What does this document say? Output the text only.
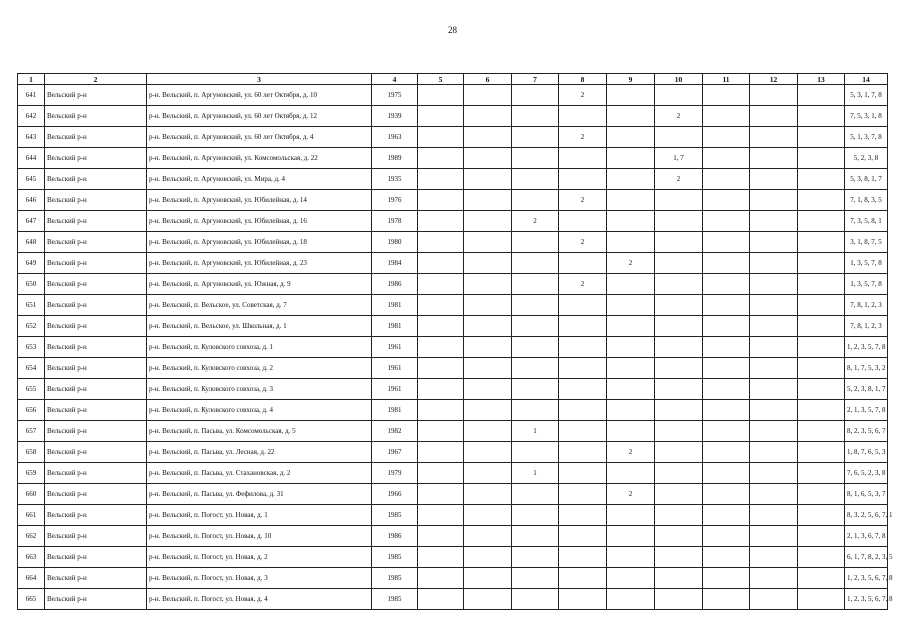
28
1	2	3	4	5	6	7	8	9	10	11	12	13	14
641	Вельский р-н	р-н. Вельский, п. Аргуновский, ул. 60 лет Октября, д. 10	1975				2						5, 3, 1, 7, 8
642	Вельский р-н	р-н. Вельский, п. Аргуновский, ул. 60 лет Октября, д. 12	1939						2				7, 5, 3, 1, 8
643	Вельский р-н	р-н. Вельский, п. Аргуновский, ул. 60 лет Октября, д. 4	1963				2						5, 1, 3, 7, 8
644	Вельский р-н	р-н. Вельский, п. Аргуновский, ул. Комсомольская, д. 22	1989						1, 7				5, 2, 3, 8
645	Вельский р-н	р-н. Вельский, п. Аргуновский, ул. Мира, д. 4	1935						2				5, 3, 8, 1, 7
646	Вельский р-н	р-н. Вельский, п. Аргуновский, ул. Юбилейная, д. 14	1976				2						7, 1, 8, 3, 5
647	Вельский р-н	р-н. Вельский, п. Аргуновский, ул. Юбилейная, д. 16	1978			2							7, 3, 5, 8, 1
648	Вельский р-н	р-н. Вельский, п. Аргуновский, ул. Юбилейная, д. 18	1980				2						3, 1, 8, 7, 5
649	Вельский р-н	р-н. Вельский, п. Аргуновский, ул. Юбилейная, д. 23	1984					2					1, 3, 5, 7, 8
650	Вельский р-н	р-н. Вельский, п. Аргуновский, ул. Южная, д. 9	1986				2						1, 3, 5, 7, 8
651	Вельский р-н	р-н. Вельский, п. Вельское, ул. Советская, д. 7	1981										7, 8, 1, 2, 3
652	Вельский р-н	р-н. Вельский, п. Вельское, ул. Школьная, д. 1	1981										7, 8, 1, 2, 3
653	Вельский р-н	р-н. Вельский, п. Куловского совхоза, д. 1	1961										1, 2, 3, 5, 7, 8
654	Вельский р-н	р-н. Вельский, п. Куловского совхоза, д. 2	1961										8, 1, 7, 5, 3, 2
655	Вельский р-н	р-н. Вельский, п. Куловского совхоза, д. 3	1961										5, 2, 3, 8, 1, 7
656	Вельский р-н	р-н. Вельский, п. Куловского совхоза, д. 4	1981										2, 1, 3, 5, 7, 8
657	Вельский р-н	р-н. Вельский, п. Пасьва, ул. Комсомольская, д. 5	1982			1							8, 2, 3, 5, 6, 7
658	Вельский р-н	р-н. Вельский, п. Пасьва, ул. Лесная, д. 22	1967					2					1, 8, 7, 6, 5, 3
659	Вельский р-н	р-н. Вельский, п. Пасьва, ул. Стахановская, д. 2	1979			1							7, 6, 5, 2, 3, 8
660	Вельский р-н	р-н. Вельский, п. Пасьва, ул. Фефилова, д. 31	1966					2					8, 1, 6, 5, 3, 7
661	Вельский р-н	р-н. Вельский, п. Погост, ул. Новая, д. 1	1985										8, 3, 2, 5, 6, 7, 1
662	Вельский р-н	р-н. Вельский, п. Погост, ул. Новая, д. 10	1986										2, 1, 3, 6, 7, 8
663	Вельский р-н	р-н. Вельский, п. Погост, ул. Новая, д. 2	1985										6, 1, 7, 8, 2, 3, 5
664	Вельский р-н	р-н. Вельский, п. Погост, ул. Новая, д. 3	1985										1, 2, 3, 5, 6, 7, 8
665	Вельский р-н	р-н. Вельский, п. Погост, ул. Новая, д. 4	1985										1, 2, 3, 5, 6, 7, 8
